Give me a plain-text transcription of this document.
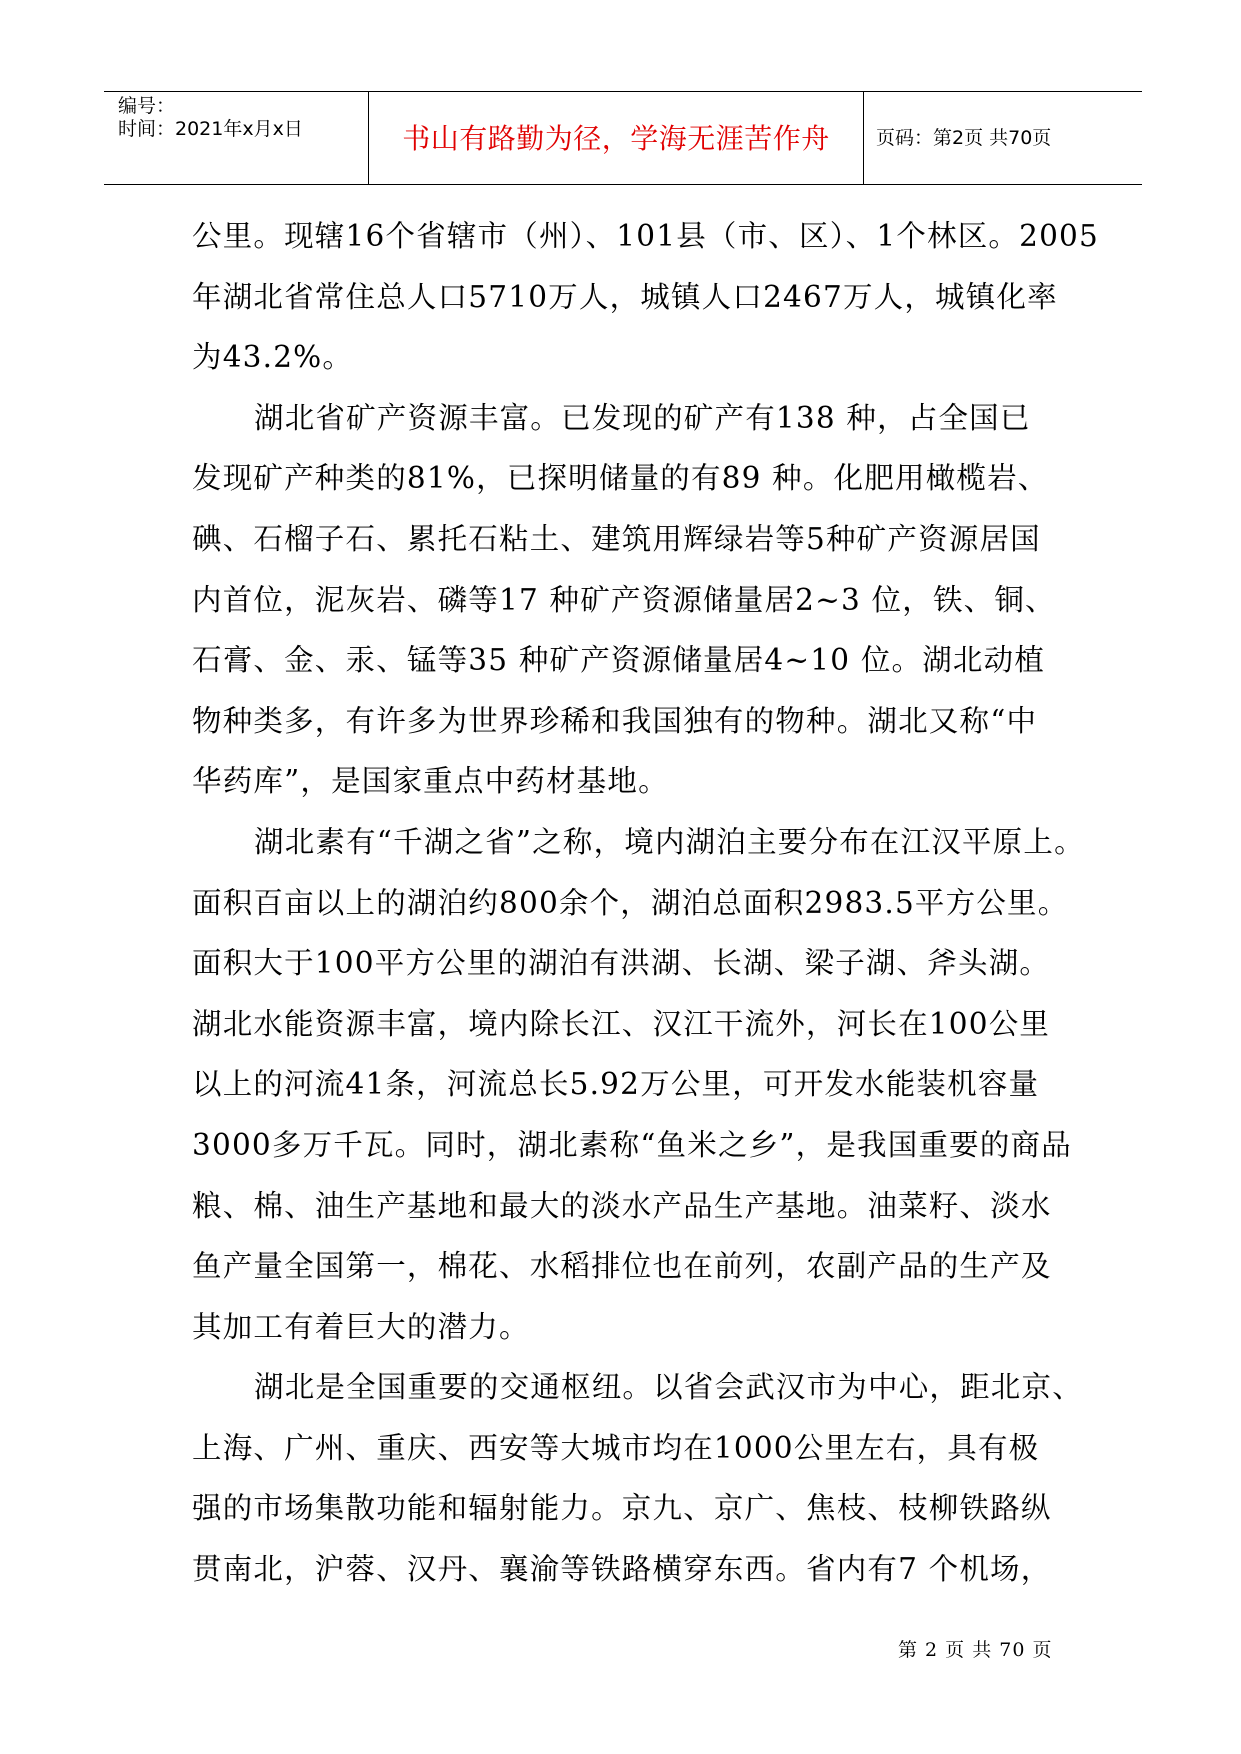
编号：
时间：2021年x月x日	书山有路勤为径，学海无涯苦作舟	页码：第2页 共70页
公里。现辖16个省辖市（州）、101县（市、区）、1个林区。2005
年湖北省常住总人口5710万人，城镇人口2467万人，城镇化率
为43.2%。
湖北省矿产资源丰富。已发现的矿产有138 种，占全国已
发现矿产种类的81%，已探明储量的有89 种。化肥用橄榄岩、
碘、石榴子石、累托石粘土、建筑用辉绿岩等5种矿产资源居国
内首位，泥灰岩、磷等17 种矿产资源储量居2~3 位，铁、铜、
石膏、金、汞、锰等35 种矿产资源储量居4~10 位。湖北动植
物种类多，有许多为世界珍稀和我国独有的物种。湖北又称“中
华药库”，是国家重点中药材基地。
湖北素有“千湖之省”之称，境内湖泊主要分布在江汉平原上。
面积百亩以上的湖泊约800余个，湖泊总面积2983.5平方公里。
面积大于100平方公里的湖泊有洪湖、长湖、梁子湖、斧头湖。
湖北水能资源丰富，境内除长江、汉江干流外，河长在100公里
以上的河流41条，河流总长5.92万公里，可开发水能装机容量
3000多万千瓦。同时，湖北素称“鱼米之乡”，是我国重要的商品
粮、棉、油生产基地和最大的淡水产品生产基地。油菜籽、淡水
鱼产量全国第一，棉花、水稻排位也在前列，农副产品的生产及
其加工有着巨大的潜力。
湖北是全国重要的交通枢纽。以省会武汉市为中心，距北京、
上海、广州、重庆、西安等大城市均在1000公里左右，具有极
强的市场集散功能和辐射能力。京九、京广、焦枝、枝柳铁路纵
贯南北，沪蓉、汉丹、襄渝等铁路横穿东西。省内有7 个机场，
第 2 页 共 70 页
